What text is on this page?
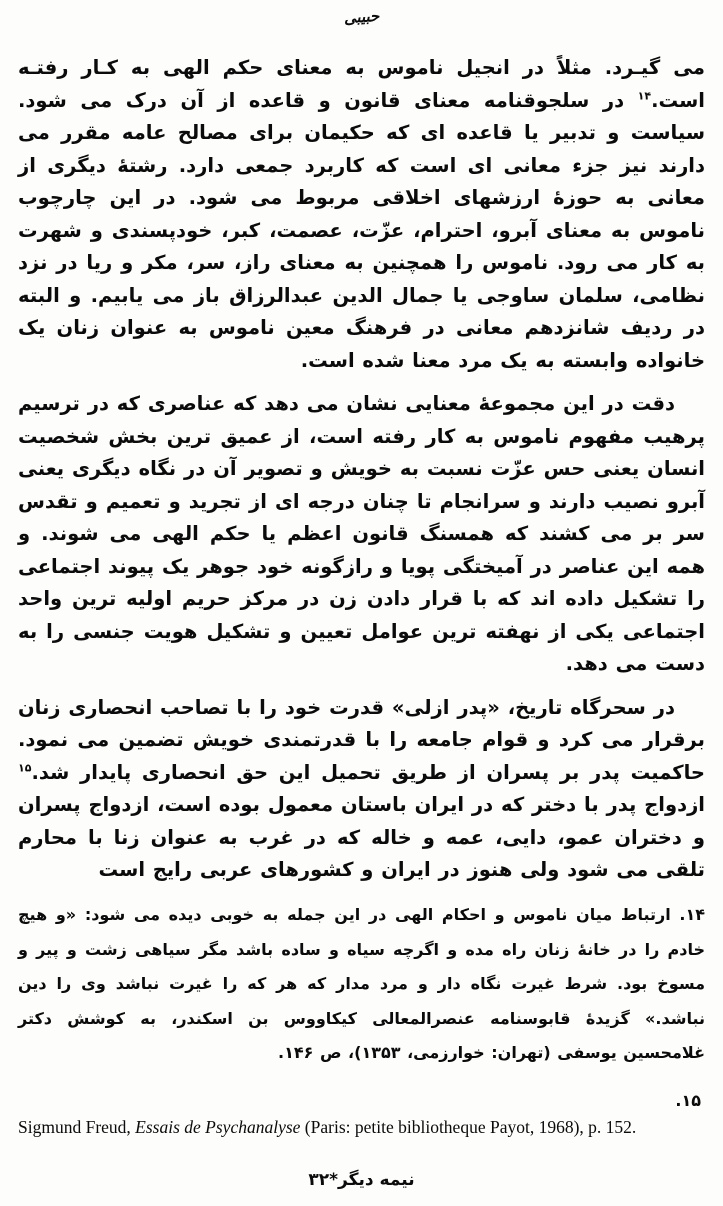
حبیبی

می گیـرد. مثلاً در انجیل ناموس به معنای حکم الهی به کـار رفتـه است.$^{۱۴}$ در سلجوقنامه معنای قانون و قاعده از آن درک می شود. سیاست و تدبیر یا قاعده ای که حکیمان برای مصالح عامه مقرر می دارند نیز جزء معانی ای است که کاربرد جمعی دارد. رشتهٔ دیگری از معانی به حوزهٔ ارزشهای اخلاقی مربوط می شود. در این چارچوب ناموس به معنای آبرو، احترام، عزّت، عصمت، کبر، خودپسندی و شهرت به کار می رود. ناموس را همچنین به معنای راز، سر، مکر و ریا در نزد نظامی، سلمان ساوجی یا جمال الدین عبدالرزاق باز می یابیم. و البته در ردیف شانزدهم معانی در فرهنگ معین ناموس به عنوان زنان یک خانواده وابسته به یک مرد معنا شده است.

دقت در این مجموعهٔ معنایی نشان می دهد که عناصری که در ترسیم پرهیب مفهوم ناموس به کار رفته است، از عمیق ترین بخش شخصیت انسان یعنی حس عزّت نسبت به خویش و تصویر آن در نگاه دیگری یعنی آبرو نصیب دارند و سرانجام تا چنان درجه ای از تجرید و تعمیم و تقدس سر بر می کشند که همسنگ قانون اعظم یا حکم الهی می شوند. و همه این عناصر در آمیختگی پویا و رازگونه خود جوهر یک پیوند اجتماعی را تشکیل داده اند که با قرار دادن زن در مرکز حریم اولیه ترین واحد اجتماعی یکی از نهفته ترین عوامل تعیین و تشکیل هویت جنسی را به دست می دهد.

در سحرگاه تاریخ، «پدر ازلی» قدرت خود را با تصاحب انحصاری زنان برقرار می کرد و قوام جامعه را با قدرتمندی خویش تضمین می نمود. حاکمیت پدر بر پسران از طریق تحمیل این حق انحصاری پایدار شد.$^{۱۵}$ ازدواج پدر با دختر که در ایران باستان معمول بوده است، ازدواج پسران و دختران عمو، دایی، عمه و خاله که در غرب به عنوان زنا با محارم تلقی می شود ولی هنوز در ایران و کشورهای عربی رایج است

۱۴. ارتباط میان ناموس و احکام الهی در این جمله به خوبی دیده می شود: «و هیچ خادم را در خانهٔ زنان راه مده و اگرچه سیاه و ساده باشد مگر سیاهی زشت و پیر و مسوخ بود. شرط غیرت نگاه دار و مرد مدار که هر که را غیرت نباشد وی را دین نباشد.» گزیدهٔ قابوسنامه عنصرالمعالی کیکاووس بن اسکندر، به کوشش دکتر غلامحسین یوسفی (تهران: خوارزمی، ۱۳۵۳)، ص ۱۴۶.

۱۵.

Sigmund Freud, Essais de Psychanalyse (Paris: petite bibliotheque Payot, 1968), p. 152.

نیمه دیگر*۳۲
